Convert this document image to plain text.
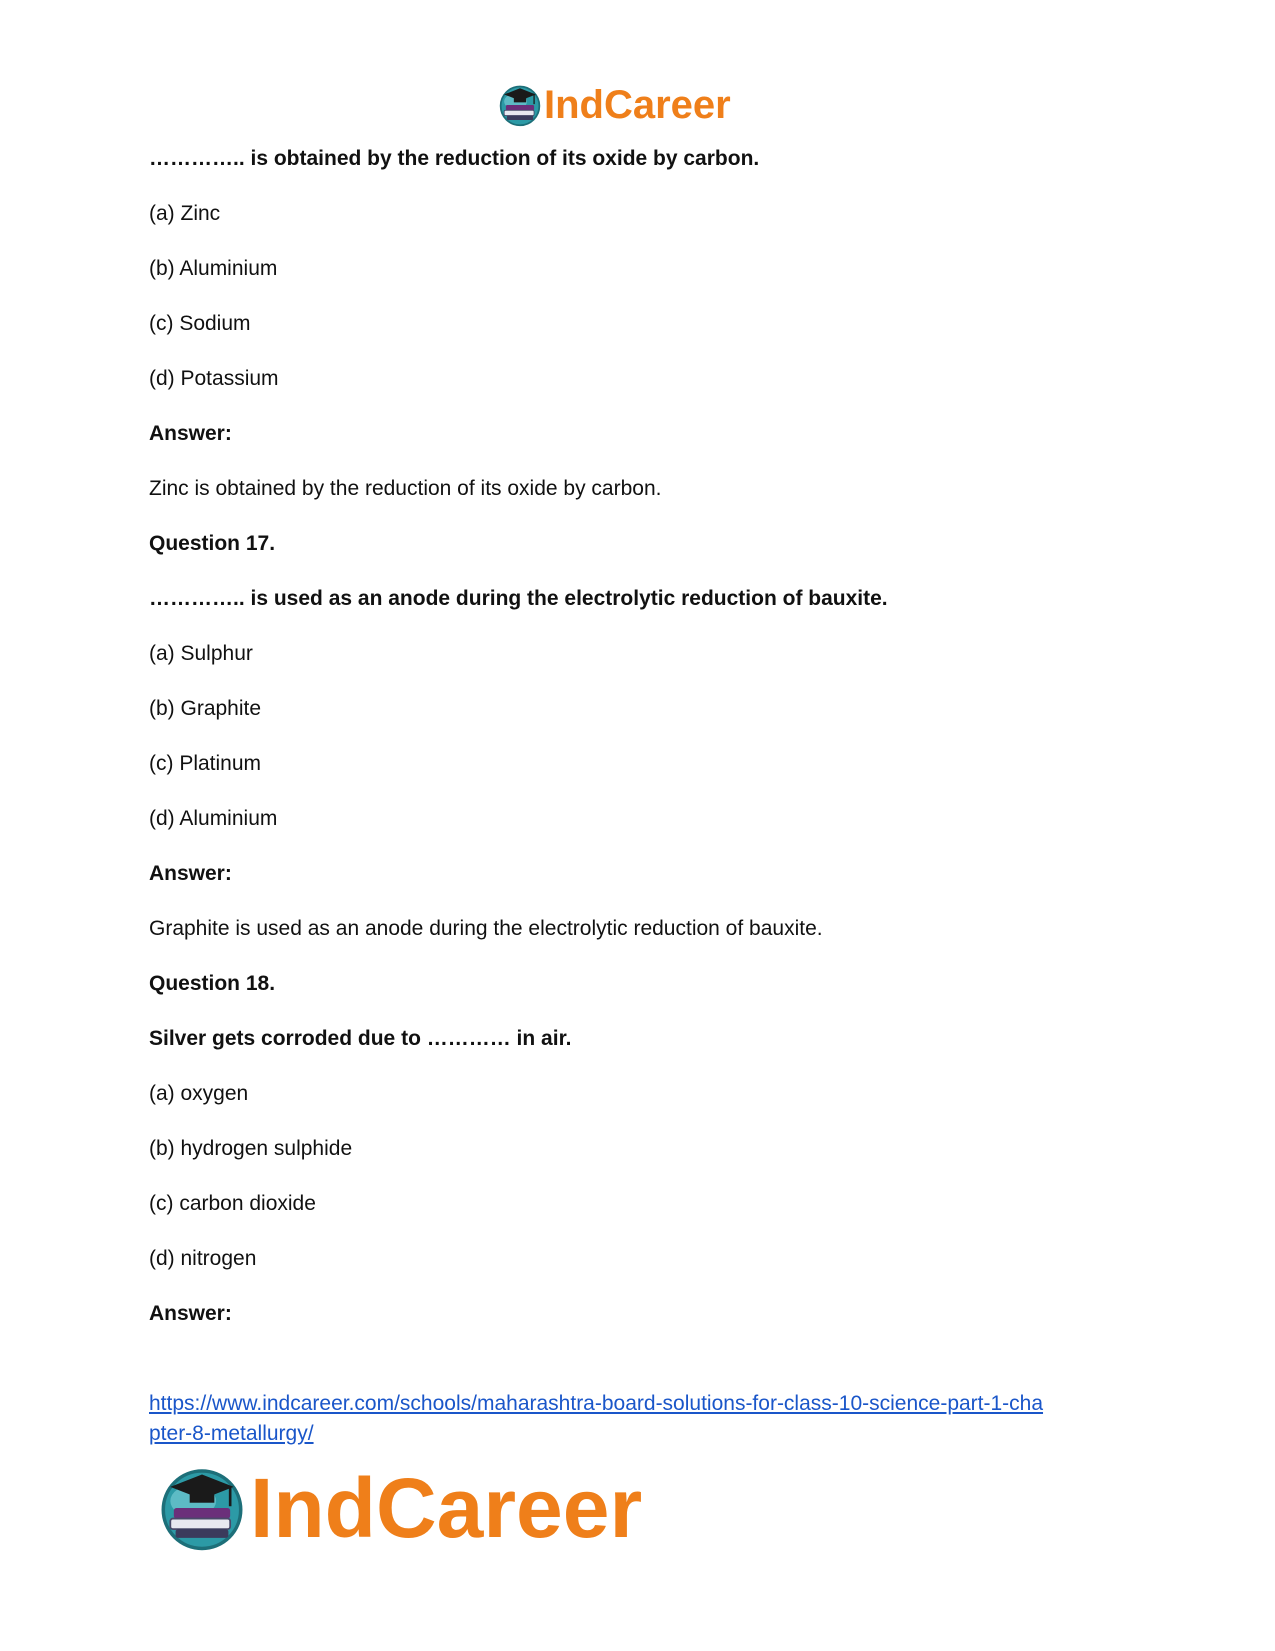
IndCareer
………….. is obtained by the reduction of its oxide by carbon.
(a) Zinc
(b) Aluminium
(c) Sodium
(d) Potassium
Answer:
Zinc is obtained by the reduction of its oxide by carbon.
Question 17.
………….. is used as an anode during the electrolytic reduction of bauxite.
(a) Sulphur
(b) Graphite
(c) Platinum
(d) Aluminium
Answer:
Graphite is used as an anode during the electrolytic reduction of bauxite.
Question 18.
Silver gets corroded due to ………… in air.
(a) oxygen
(b) hydrogen sulphide
(c) carbon dioxide
(d) nitrogen
Answer:
https://www.indcareer.com/schools/maharashtra-board-solutions-for-class-10-science-part-1-cha
pter-8-metallurgy/
IndCareer
